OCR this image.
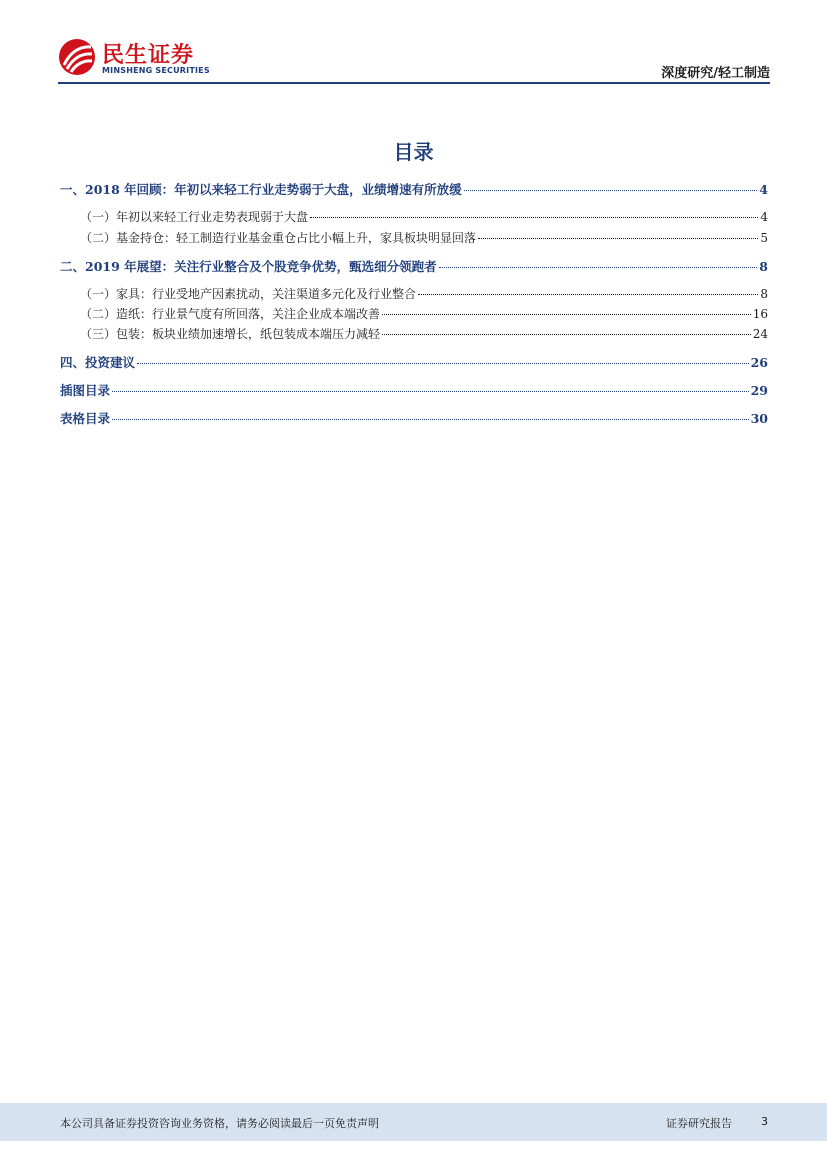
民生证券
MINSHENG SECURITIES	深度研究/轻工制造
目录
一、2018 年回顾：年初以来轻工行业走势弱于大盘，业绩增速有所放缓	4
（一）年初以来轻工行业走势表现弱于大盘	4
（二）基金持仓：轻工制造行业基金重仓占比小幅上升，家具板块明显回落	5
二、2019 年展望：关注行业整合及个股竞争优势，甄选细分领跑者	8
（一）家具：行业受地产因素扰动，关注渠道多元化及行业整合	8
（二）造纸：行业景气度有所回落，关注企业成本端改善	16
（三）包装：板块业绩加速增长，纸包装成本端压力减轻	24
四、投资建议	26
插图目录	29
表格目录	30
本公司具备证券投资咨询业务资格，请务必阅读最后一页免责声明	证券研究报告	3
